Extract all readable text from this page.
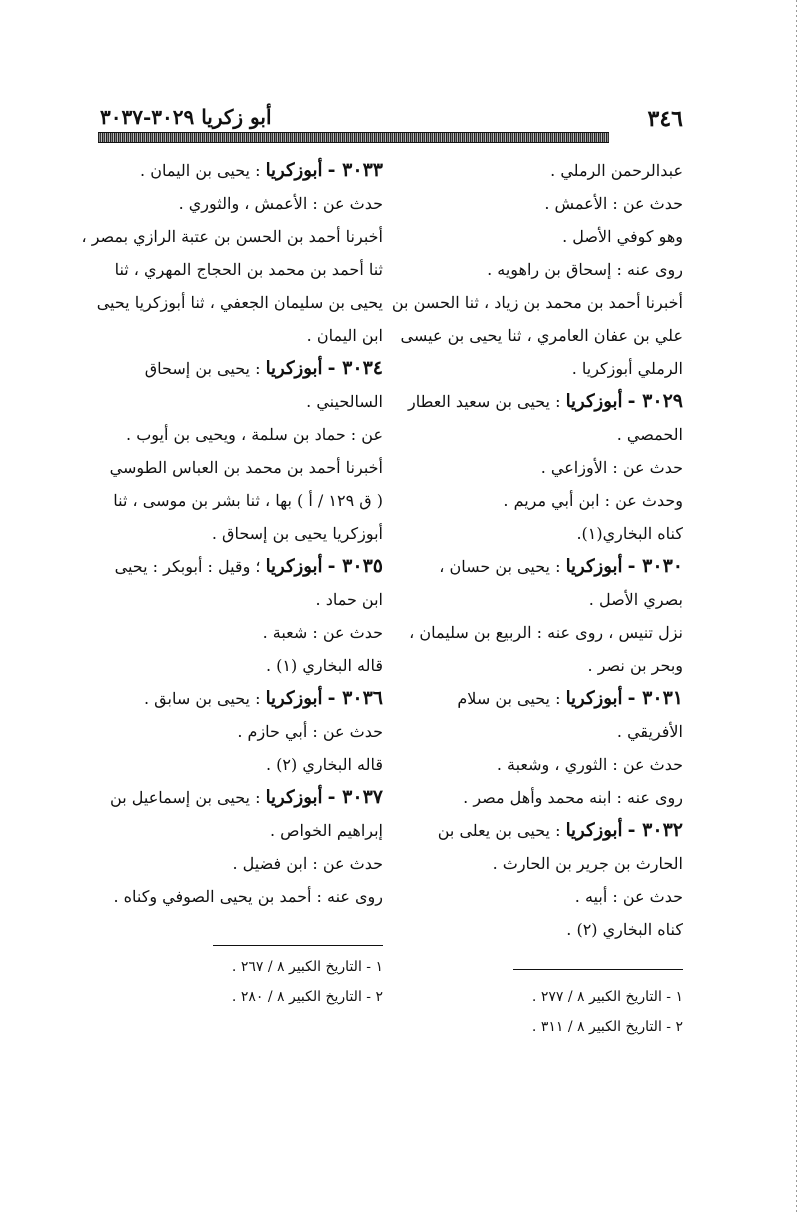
٣٤٦
أبو زكريا ٣٠٢٩-٣٠٣٧
عبدالرحمن الرملي .
حدث عن : الأعمش .
وهو كوفي الأصل .
روى عنه : إسحاق بن راهويه .
أخبرنا أحمد بن محمد بن زياد ، ثنا الحسن بن
علي بن عفان العامري ، ثنا يحيى بن عيسى
الرملي أبوزكريا .
٣٠٢٩ - أبوزكريا : يحيى بن سعيد العطار
الحمصي .
حدث عن : الأوزاعي .
وحدث عن : ابن أبي مريم .
كناه البخاري(١).
٣٠٣٠ - أبوزكريا : يحيى بن حسان ،
بصري الأصل .
نزل تنيس ، روى عنه : الربيع بن سليمان ،
وبحر بن نصر .
٣٠٣١ - أبوزكريا : يحيى بن سلام
الأفريقي .
حدث عن : الثوري ، وشعبة .
روى عنه : ابنه محمد وأهل مصر .
٣٠٣٢ - أبوزكريا : يحيى بن يعلى بن
الحارث بن جرير بن الحارث .
حدث عن : أبيه .
كناه البخاري (٢) .
١ - التاريخ الكبير ٨ / ٢٧٧ .
٢ - التاريخ الكبير ٨ / ٣١١ .
٣٠٣٣ - أبوزكريا : يحيى بن اليمان .
حدث عن : الأعمش ، والثوري .
أخبرنا أحمد بن الحسن بن عتبة الرازي بمصر ،
ثنا أحمد بن محمد بن الحجاج المهري ، ثنا
يحيى بن سليمان الجعفي ، ثنا أبوزكريا يحيى
ابن اليمان .
٣٠٣٤ - أبوزكريا : يحيى بن إسحاق
السالحيني .
عن : حماد بن سلمة ، ويحيى بن أيوب .
أخبرنا أحمد بن محمد بن العباس الطوسي
( ق ١٢٩ / أ ) بها ، ثنا بشر بن موسى ، ثنا
أبوزكريا يحيى بن إسحاق .
٣٠٣٥ - أبوزكريا ؛ وقيل : أبوبكر : يحيى
ابن حماد .
حدث عن : شعبة .
قاله البخاري (١) .
٣٠٣٦ - أبوزكريا : يحيى بن سابق .
حدث عن : أبي حازم .
قاله البخاري (٢) .
٣٠٣٧ - أبوزكريا : يحيى بن إسماعيل بن
إبراهيم الخواص .
حدث عن : ابن فضيل .
روى عنه : أحمد بن يحيى الصوفي وكناه .
١ - التاريخ الكبير ٨ / ٢٦٧ .
٢ - التاريخ الكبير ٨ / ٢٨٠ .
